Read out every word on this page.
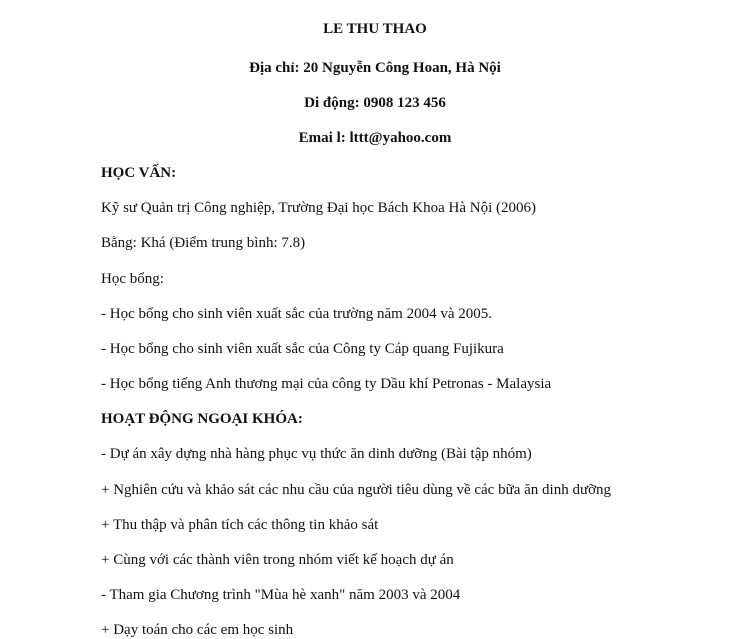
LE THU THAO
Địa chỉ: 20 Nguyễn Công Hoan, Hà Nội
Di động: 0908 123 456
Emai l: lttt@yahoo.com
HỌC VẤN:
Kỹ sư Quản trị Công nghiệp, Trường Đại học Bách Khoa Hà Nội (2006)
Bằng: Khá (Điểm trung bình: 7.8)
Học bổng:
- Học bổng cho sinh viên xuất sắc của trường năm 2004 và 2005.
- Học bổng cho sinh viên xuất sắc của Công ty Cáp quang Fujikura
- Học bổng tiếng Anh thương mại của công ty Dầu khí Petronas - Malaysia
HOẠT ĐỘNG NGOẠI KHÓA:
- Dự án xây dựng nhà hàng phục vụ thức ăn dinh dưỡng (Bài tập nhóm)
+ Nghiên cứu và khảo sát các nhu cầu của người tiêu dùng về các bữa ăn dinh dưỡng
+ Thu thập và phân tích các thông tin khảo sát
+ Cùng với các thành viên trong nhóm viết kế hoạch dự án
- Tham gia Chương trình "Mùa hè xanh" năm 2003 và 2004
+ Dạy toán cho các em học sinh
